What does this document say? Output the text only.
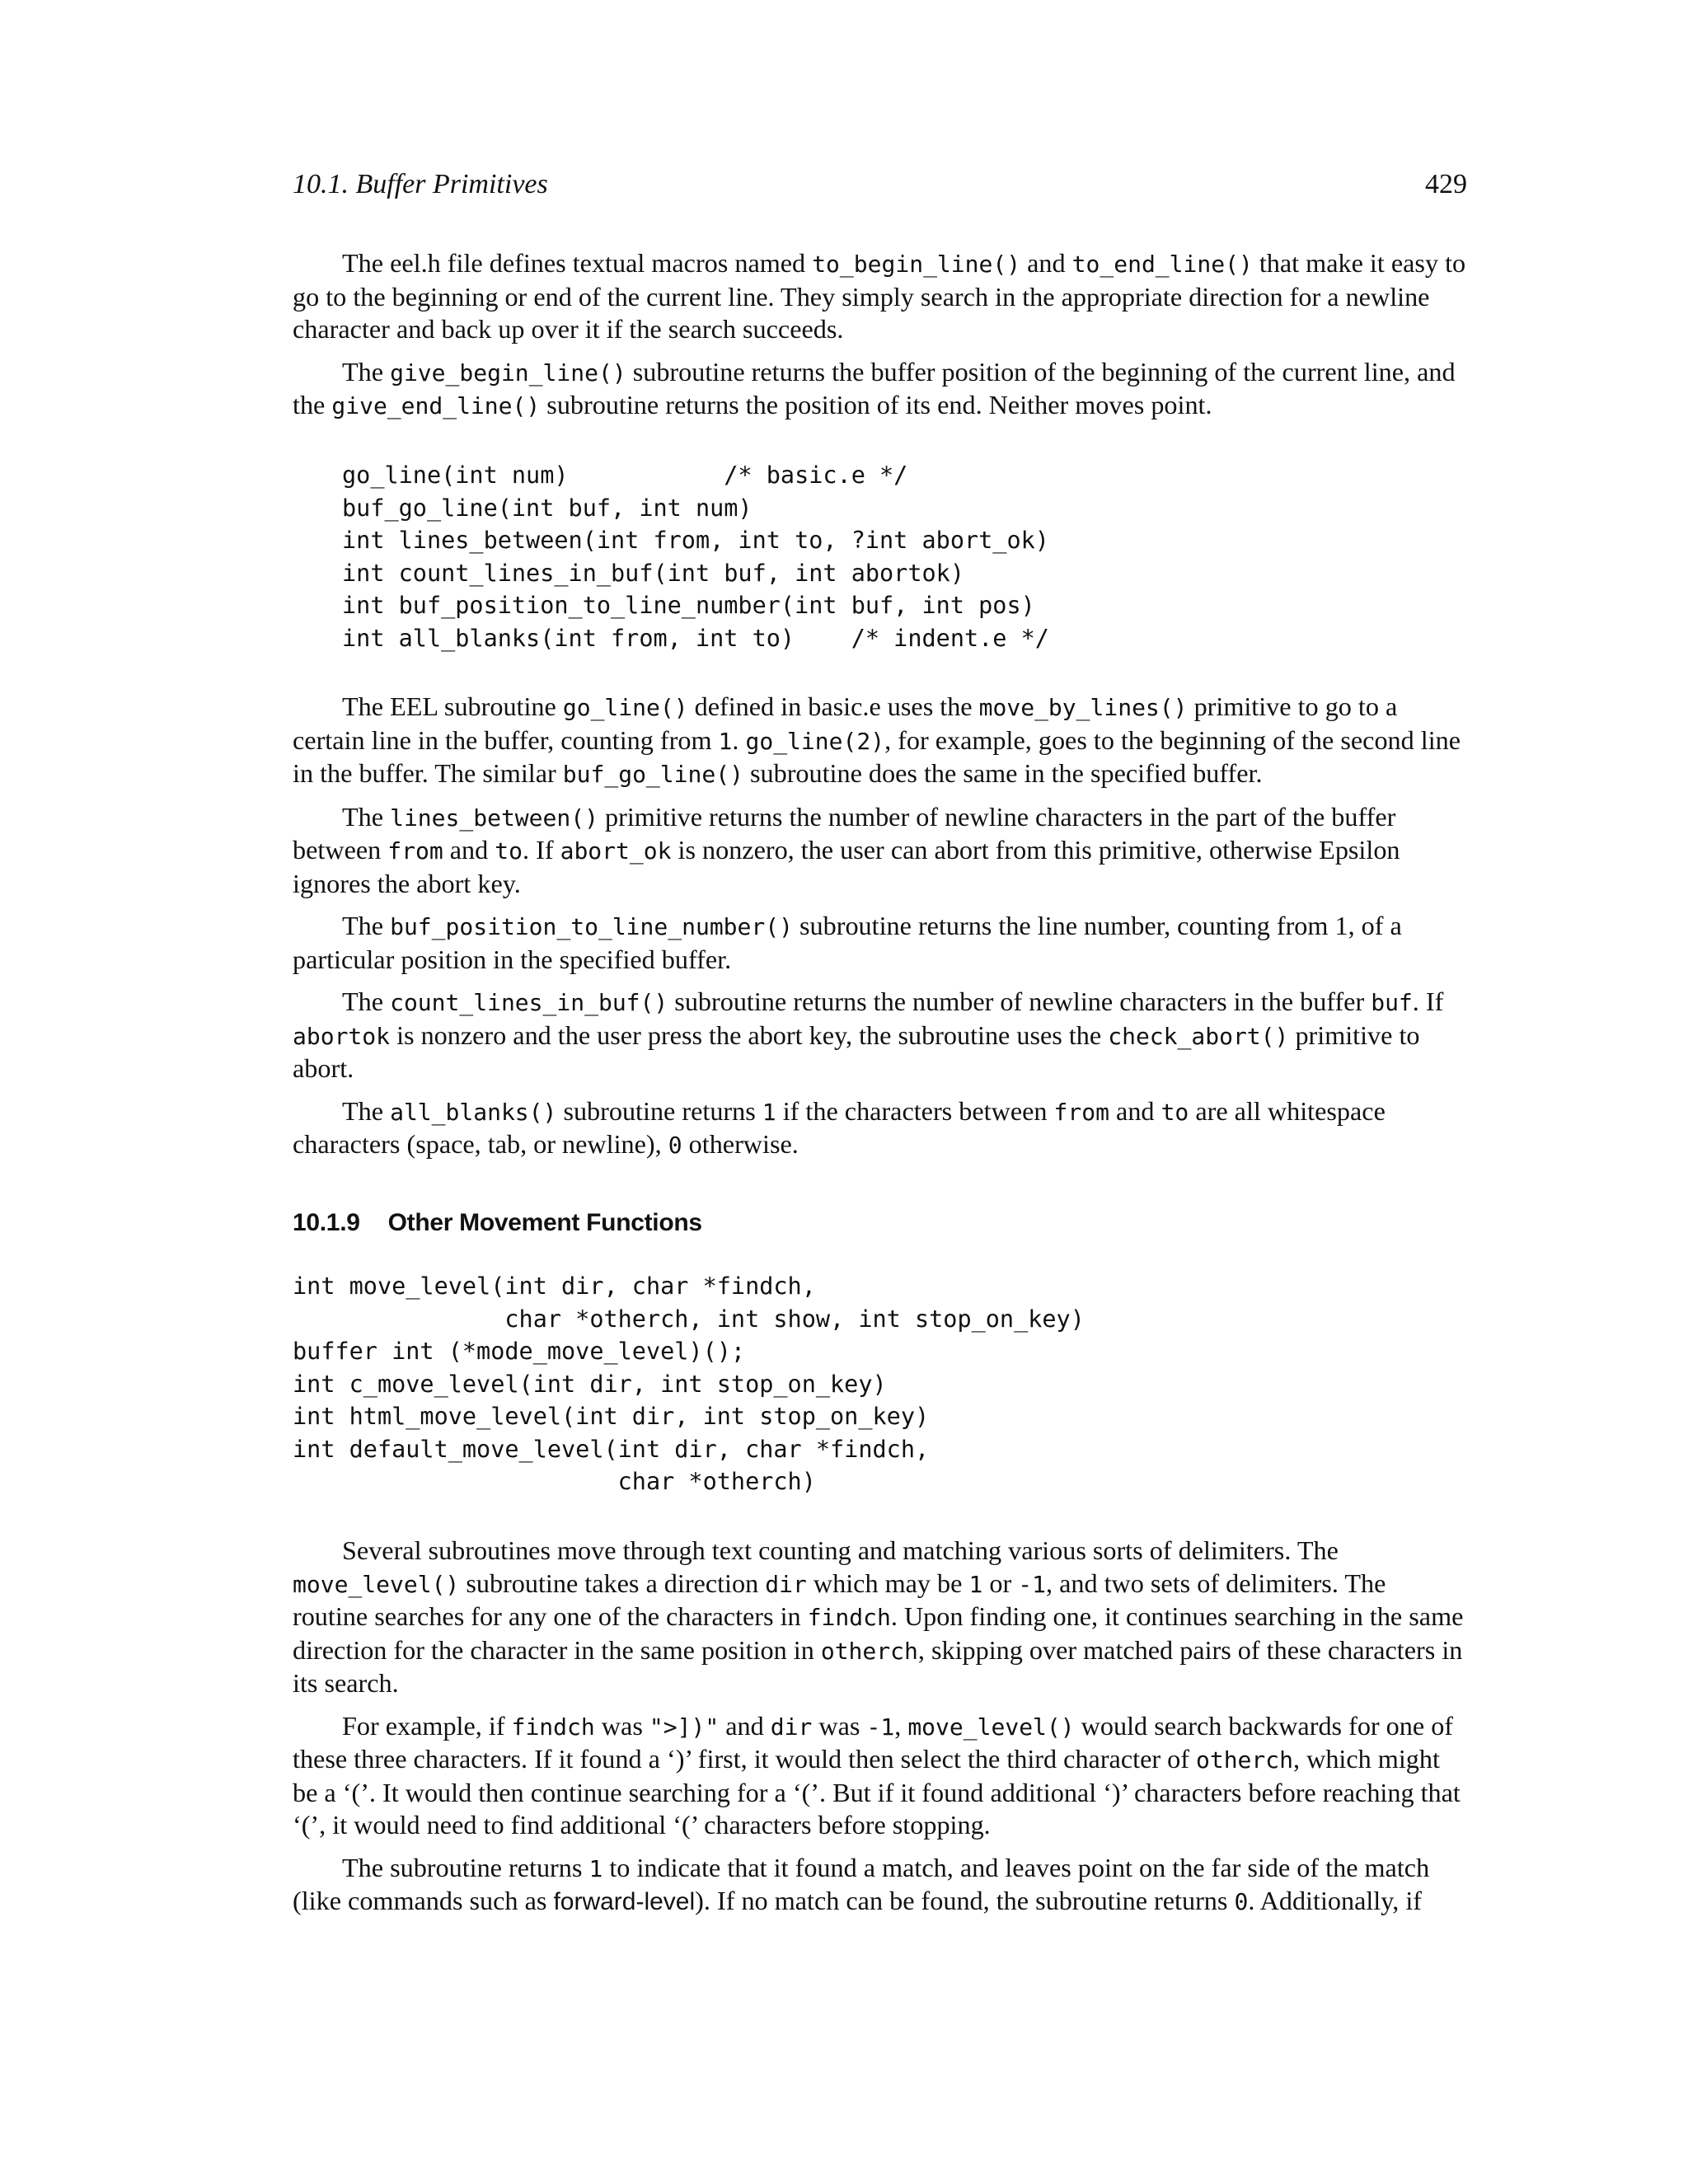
10.1. Buffer Primitives	429

The eel.h file defines textual macros named to_begin_line() and to_end_line() that make it easy to go to the beginning or end of the current line. They simply search in the appropriate direction for a newline character and back up over it if the search succeeds.

The give_begin_line() subroutine returns the buffer position of the beginning of the current line, and the give_end_line() subroutine returns the position of its end. Neither moves point.

go_line(int num)           /* basic.e */
buf_go_line(int buf, int num)
int lines_between(int from, int to, ?int abort_ok)
int count_lines_in_buf(int buf, int abortok)
int buf_position_to_line_number(int buf, int pos)
int all_blanks(int from, int to)    /* indent.e */

The EEL subroutine go_line() defined in basic.e uses the move_by_lines() primitive to go to a certain line in the buffer, counting from 1. go_line(2), for example, goes to the beginning of the second line in the buffer. The similar buf_go_line() subroutine does the same in the specified buffer.

The lines_between() primitive returns the number of newline characters in the part of the buffer between from and to. If abort_ok is nonzero, the user can abort from this primitive, otherwise Epsilon ignores the abort key.

The buf_position_to_line_number() subroutine returns the line number, counting from 1, of a particular position in the specified buffer.

The count_lines_in_buf() subroutine returns the number of newline characters in the buffer buf. If abortok is nonzero and the user press the abort key, the subroutine uses the check_abort() primitive to abort.

The all_blanks() subroutine returns 1 if the characters between from and to are all whitespace characters (space, tab, or newline), 0 otherwise.

10.1.9 Other Movement Functions
int move_level(int dir, char *findch,
char *otherch, int show, int stop_on_key)
buffer int (*mode_move_level)();
int c_move_level(int dir, int stop_on_key)
int html_move_level(int dir, int stop_on_key)
int default_move_level(int dir, char *findch,
char *otherch)

Several subroutines move through text counting and matching various sorts of delimiters. The move_level() subroutine takes a direction dir which may be 1 or -1, and two sets of delimiters. The routine searches for any one of the characters in findch. Upon finding one, it continues searching in the same direction for the character in the same position in otherch, skipping over matched pairs of these characters in its search.

For example, if findch was ">])" and dir was -1, move_level() would search backwards for one of these three characters. If it found a ‘)’ first, it would then select the third character of otherch, which might be a ‘(’. It would then continue searching for a ‘(’. But if it found additional ‘)’ characters before reaching that ‘(’, it would need to find additional ‘(’ characters before stopping.

The subroutine returns 1 to indicate that it found a match, and leaves point on the far side of the match (like commands such as forward-level). If no match can be found, the subroutine returns 0. Additionally, if
